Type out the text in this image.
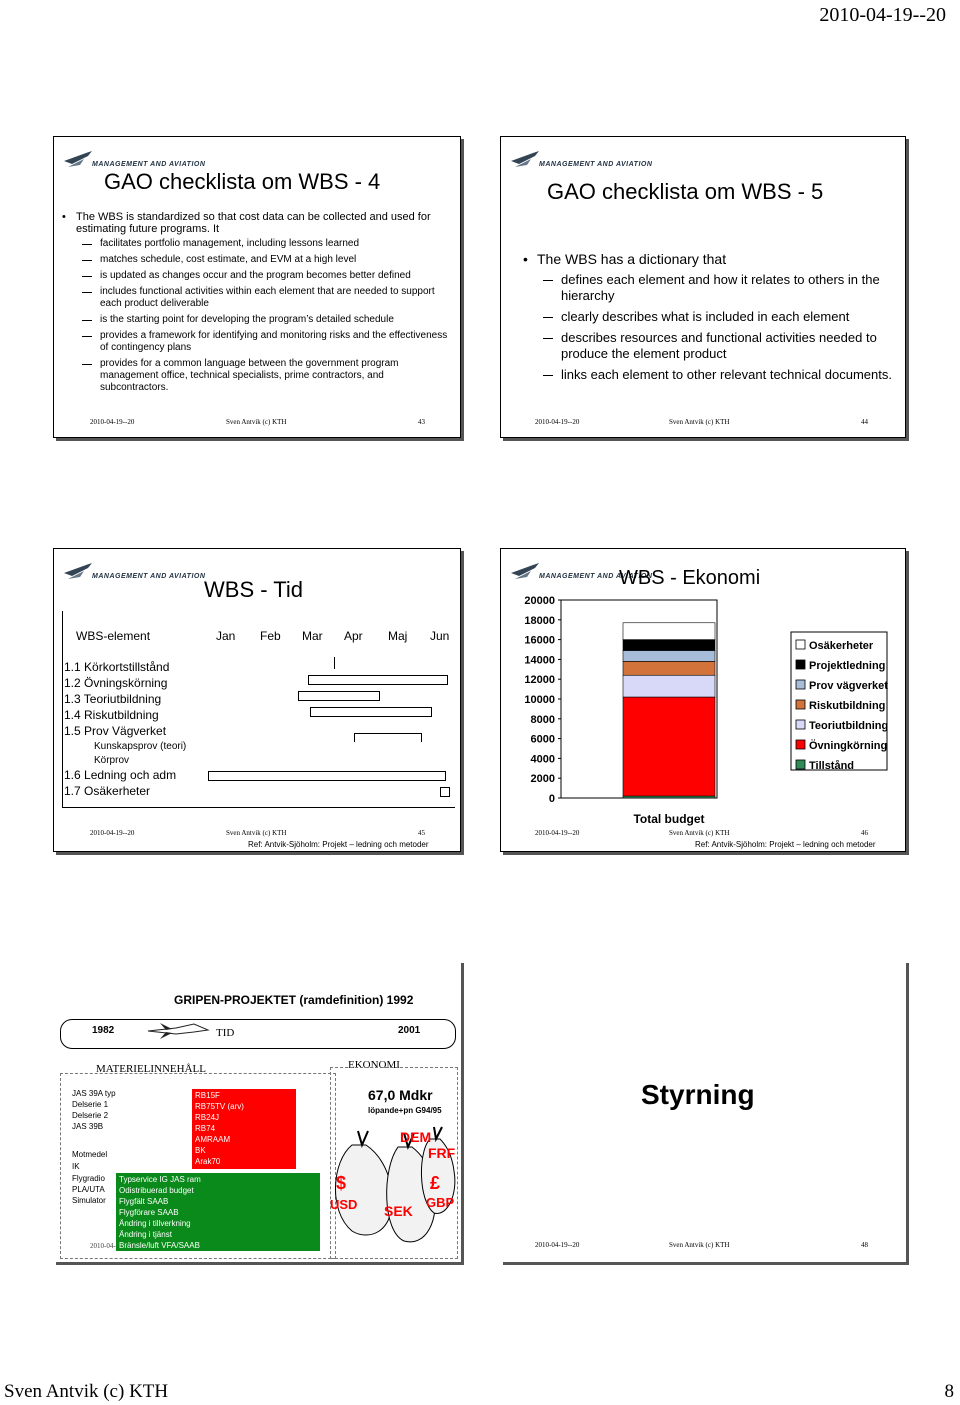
2010-04-19--20
MANAGEMENT AND AVIATION
GAO checklista om WBS - 4
• The WBS is standardized so that cost data can be collected and used for estimating future programs. It
facilitates portfolio management, including lessons learned
matches schedule, cost estimate, and EVM at a high level
is updated as changes occur and the program becomes better defined
includes functional activities within each element that are needed to support each product deliverable
is the starting point for developing the program’s detailed schedule
provides a framework for identifying and monitoring risks and the effectiveness of contingency plans
provides for a common language between the government program management office, technical specialists, prime contractors, and subcontractors.
2010-04-19--20	Sven Antvik (c) KTH	43
MANAGEMENT AND AVIATION
GAO checklista om WBS - 5
• The WBS has a dictionary that
defines each element and how it relates to others in the hierarchy
clearly describes what is included in each element
describes resources and functional activities needed to produce the element product
links each element to other relevant technical documents.
2010-04-19--20	Sven Antvik (c) KTH	44
MANAGEMENT AND AVIATION
WBS - Tid
WBS-element	Jan Feb Mar Apr Maj Jun
1.1 Körkortstillstånd
1.2 Övningskörning
1.3 Teoriutbildning
1.4 Riskutbildning
1.5 Prov Vägverket
Kunskapsprov (teori)
Körprov
1.6 Ledning och adm
1.7 Osäkerheter
2010-04-19--20	Sven Antvik (c) KTH	45
Ref: Antvik-Sjöholm: Projekt – ledning och metoder
MANAGEMENT AND AVIATION
WBS - Ekonomi
0
2000
4000
6000
8000
10000
12000
14000
16000
18000
20000
Total budget
Osäkerheter
Projektledning
Prov vägverket
Riskutbildning
Teoriutbildning
Övningkörning
Tillstånd
2010-04-19--20	Sven Antvik (c) KTH	46
Ref: Antvik-Sjöholm: Projekt – ledning och metoder
GRIPEN-PROJEKTET (ramdefinition) 1992
1982	2001
TID
MATERIELINNEHÅLL	EKONOMI
JAS 39A typ
Delserie 1
Delserie 2
JAS 39B
Motmedel
IK
Flygradio
PLA/UTA
Simulator
RB15F
RB75TV (arv)
RB24J
RB74
AMRAAM
BK
Arak70
Typservice IG JAS ram
Odistribuerad budget
Flygfält SAAB
Flygförare SAAB
Ändring i tillverkning
Ändring i tjänst
Bränsle/luft VFA/SAAB
67,0 Mdkr
löpande+pn G94/95
DEM
FRF
$
USD SEK
£
GBP
2010-04-
Styrning
2010-04-19--20	Sven Antvik (c) KTH	48
Sven Antvik (c) KTH	8
